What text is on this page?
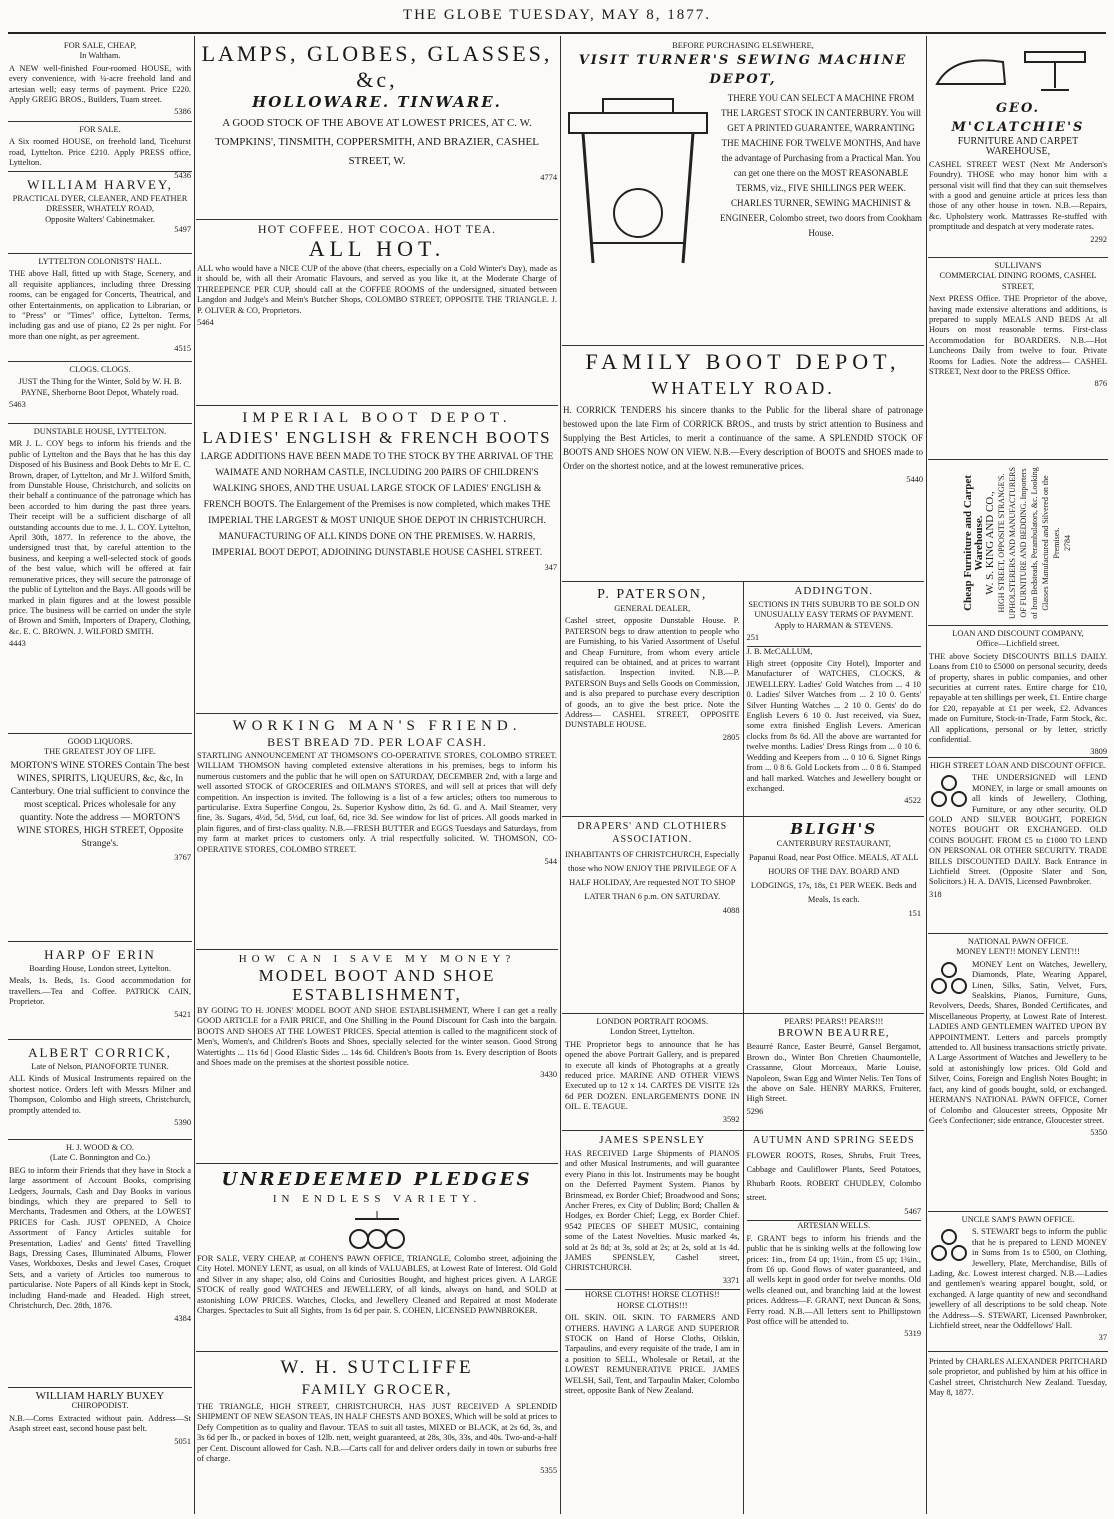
THE GLOBE TUESDAY, MAY 8, 1877.
FOR SALE, CHEAP,
In Waltham.

A NEW well-finished Four-roomed HOUSE, with every convenience, with ¼-acre freehold land and artesian well; easy terms of payment. Price £220. Apply GREIG BROS., Builders, Tuam street.

5386
FOR SALE.

A Six roomed HOUSE, on freehold land, Ticehurst road, Lyttelton. Price £210. Apply PRESS office, Lyttelton.

5436
WILLIAM HARVEY,
PRACTICAL DYER, CLEANER, AND FEATHER DRESSER, WHATELY ROAD,
Opposite Walters' Cabinetmaker.
5497
LYTTELTON COLONISTS' HALL.

THE above Hall, fitted up with Stage, Scenery, and all requisite appliances, including three Dressing rooms, can be engaged for Concerts, Theatrical, and other Entertainments, on application to Librarian, or to "Press" or "Times" office, Lyttelton. Terms, including gas and use of piano, £2 2s per night. For more than one night, as per agreement.

4515
CLOGS. CLOGS.

JUST the Thing for the Winter, Sold by W. H. B. PAYNE, Sherborne Boot Depot, Whately road.

5463
DUNSTABLE HOUSE, LYTTELTON.

MR J. L. COY begs to inform his friends and the public of Lyttelton and the Bays that he has this day Disposed of his Business and Book Debts to Mr E. C. Brown, draper, of Lyttelton, and Mr J. Wilford Smith, from Dunstable House, Christchurch, and solicits on their behalf a continuance of the patronage which has been accorded to him during the past three years. Their receipt will be a sufficient discharge of all outstanding accounts due to me. J. L. COY. Lyttelton, April 30th, 1877. In reference to the above, the undersigned trust that, by careful attention to the business, and keeping a well-selected stock of goods of the best value, which will be offered at fair remunerative prices, they will secure the patronage of the public of Lyttelton and the Bays. All goods will be marked in plain figures and at the lowest possible price. The business will be carried on under the style of Brown and Smith, Importers of Drapery, Clothing, &c. E. C. BROWN. J. WILFORD SMITH.

4443
GOOD LIQUORS.
THE GREATEST JOY OF LIFE.

MORTON'S WINE STORES Contain The best WINES, SPIRITS, LIQUEURS, &c, &c, In Canterbury. One trial sufficient to convince the most sceptical. Prices wholesale for any quantity. Note the address — MORTON'S WINE STORES, HIGH STREET, Opposite Strange's.

3767
HARP OF ERIN
Boarding House, London street, Lyttelton.

Meals, 1s. Beds, 1s. Good accommodation for travellers.—Tea and Coffee. PATRICK CAIN, Proprietor.

5421
ALBERT CORRICK,
Late of Nelson, PIANOFORTE TUNER.

ALL Kinds of Musical Instruments repaired on the shortest notice. Orders left with Messrs Milner and Thompson, Colombo and High streets, Christchurch, promptly attended to.

5390
H. J. WOOD & CO.
(Late C. Bonnington and Co.)

BEG to inform their Friends that they have in Stock a large assortment of Account Books, comprising Ledgers, Journals, Cash and Day Books in various bindings, which they are prepared to Sell to Merchants, Tradesmen and Others, at the LOWEST PRICES for Cash. JUST OPENED, A Choice Assortment of Fancy Articles suitable for Presentation, Ladies' and Gents' fitted Travelling Bags, Dressing Cases, Illuminated Albums, Flower Vases, Workboxes, Desks and Jewel Cases, Croquet Sets, and a variety of Articles too numerous to particularise. Note Papers of all Kinds kept in Stock, including Hand-made and Headed. High street, Christchurch, Dec. 28th, 1876.

4384
WILLIAM HARLY BUXEY
CHIROPODIST.

N.B.—Corns Extracted without pain. Address—St Asaph street east, second house past belt.

5051
LAMPS, GLOBES, GLASSES, &c,
HOLLOWARE. TINWARE.

A GOOD STOCK OF THE ABOVE AT LOWEST PRICES, AT C. W. TOMPKINS', TINSMITH, COPPERSMITH, AND BRAZIER, CASHEL STREET, W.

4774
HOT COFFEE. HOT COCOA. HOT TEA.
ALL HOT.

ALL who would have a NICE CUP of the above (that cheers, especially on a Cold Winter's Day), made as it should be, with all their Aromatic Flavours, and served as you like it, at the Moderate Charge of THREEPENCE PER CUP, should call at the COFFEE ROOMS of the undersigned, situated between Langdon and Judge's and Mein's Butcher Shops, COLOMBO STREET, OPPOSITE THE TRIANGLE. J. P. OLIVER & CO, Proprietors.

5464
IMPERIAL BOOT DEPOT.
LADIES' ENGLISH & FRENCH BOOTS

LARGE ADDITIONS HAVE BEEN MADE TO THE STOCK BY THE ARRIVAL OF THE WAIMATE AND NORHAM CASTLE, INCLUDING 200 PAIRS OF CHILDREN'S WALKING SHOES, AND THE USUAL LARGE STOCK OF LADIES' ENGLISH & FRENCH BOOTS. The Enlargement of the Premises is now completed, which makes THE IMPERIAL THE LARGEST & MOST UNIQUE SHOE DEPOT IN CHRISTCHURCH. MANUFACTURING OF ALL KINDS DONE ON THE PREMISES. W. HARRIS, IMPERIAL BOOT DEPOT, ADJOINING DUNSTABLE HOUSE CASHEL STREET.

347
WORKING MAN'S FRIEND.
BEST BREAD 7D. PER LOAF CASH.

STARTLING ANNOUNCEMENT AT THOMSON'S CO-OPERATIVE STORES, COLOMBO STREET. WILLIAM THOMSON having completed extensive alterations in his premises, begs to inform his numerous customers and the public that he will open on SATURDAY, DECEMBER 2nd, with a large and well assorted STOCK of GROCERIES and OILMAN'S STORES, and will sell at prices that will defy competition. An inspection is invited. The following is a list of a few articles; others too numerous to particularise. Extra Superfine Congou, 2s. Superior Kyshow ditto, 2s 6d. G. and A. Mail Steamer, very fine, 3s. Sugars, 4½d, 5d, 5½d, cut loaf, 6d, rice 3d. See window for list of prices. All goods marked in plain figures, and of first-class quality. N.B.—FRESH BUTTER and EGGS Tuesdays and Saturdays, from my farm at market prices to customers only. A trial respectfully solicited. W. THOMSON, CO-OPERATIVE STORES, COLOMBO STREET.

544
HOW CAN I SAVE MY MONEY?
MODEL BOOT AND SHOE ESTABLISHMENT,

BY GOING TO H. JONES' MODEL BOOT AND SHOE ESTABLISHMENT, Where I can get a really GOOD ARTICLE for a FAIR PRICE, and One Shilling in the Pound Discount for Cash into the bargain. BOOTS AND SHOES AT THE LOWEST PRICES. Special attention is called to the magnificent stock of Men's, Women's, and Children's Boots and Shoes, specially selected for the winter season. Good Strong Watertights ... 11s 6d | Good Elastic Sides ... 14s 6d. Children's Boots from 1s. Every description of Boots and Shoes made on the premises at the shortest possible notice.

3430
UNREDEEMED PLEDGES
IN ENDLESS VARIETY.

FOR SALE, VERY CHEAP, at COHEN'S PAWN OFFICE, TRIANGLE, Colombo street, adjoining the City Hotel. MONEY LENT, as usual, on all kinds of VALUABLES, at Lowest Rate of Interest. Old Gold and Silver in any shape; also, old Coins and Curiosities Bought, and highest prices given. A LARGE STOCK of really good WATCHES and JEWELLERY, of all kinds, always on hand, and SOLD at astonishing LOW PRICES. Watches, Clocks, and Jewellery Cleaned and Repaired at most Moderate Charges. Spectacles to Suit all Sights, from 1s 6d per pair. S. COHEN, LICENSED PAWNBROKER.

W. H. SUTCLIFFE
FAMILY GROCER,

THE TRIANGLE, HIGH STREET, CHRISTCHURCH, HAS JUST RECEIVED A SPLENDID SHIPMENT OF NEW SEASON TEAS, IN HALF CHESTS AND BOXES, Which will be sold at prices to Defy Competition as to quality and flavour. TEAS to suit all tastes, MIXED or BLACK, at 2s 6d, 3s, and 3s 6d per lb., or packed in boxes of 12lb. nett, weight guaranteed, at 28s, 30s, 33s, and 40s. Two-and-a-half per Cent. Discount allowed for Cash. N.B.—Carts call for and deliver orders daily in town or suburbs free of charge.

5355
BEFORE PURCHASING ELSEWHERE,
VISIT TURNER'S SEWING MACHINE DEPOT,

THERE YOU CAN SELECT A MACHINE FROM THE LARGEST STOCK IN CANTERBURY. You will GET A PRINTED GUARANTEE, WARRANTING THE MACHINE FOR TWELVE MONTHS, And have the advantage of Purchasing from a Practical Man. You can get one there on the MOST REASONABLE TERMS, viz., FIVE SHILLINGS PER WEEK. CHARLES TURNER, SEWING MACHINIST & ENGINEER, Colombo street, two doors from Cookham House.

FAMILY BOOT DEPOT,
WHATELY ROAD.

H. CORRICK TENDERS his sincere thanks to the Public for the liberal share of patronage bestowed upon the late Firm of CORRICK BROS., and trusts by strict attention to Business and Supplying the Best Articles, to merit a continuance of the same. A SPLENDID STOCK OF BOOTS AND SHOES NOW ON VIEW. N.B.—Every description of BOOTS and SHOES made to Order on the shortest notice, and at the lowest remunerative prices.

5440
P. PATERSON,
GENERAL DEALER,

Cashel street, opposite Dunstable House. P. PATERSON begs to draw attention to people who are Furnishing, to his Varied Assortment of Useful and Cheap Furniture, from whom every article required can be obtained, and at prices to warrant satisfaction. Inspection invited. N.B.—P. PATERSON Buys and Sells Goods on Commission, and is also prepared to purchase every description of goods, an to give the best price. Note the Address— CASHEL STREET, OPPOSITE DUNSTABLE HOUSE.

2805
ADDINGTON.

SECTIONS IN THIS SUBURB TO BE SOLD ON UNUSUALLY EASY TERMS OF PAYMENT. Apply to HARMAN & STEVENS.

251
J. B. McCALLUM,

High street (opposite City Hotel), Importer and Manufacturer of WATCHES, CLOCKS, & JEWELLERY. Ladies' Gold Watches from ... 4 10 0. Ladies' Silver Watches from ... 2 10 0. Gents' Silver Hunting Watches ... 2 10 0. Gents' do do English Levers 6 10 0. Just received, via Suez, some extra finished English Levers. American clocks from 8s 6d. All the above are warranted for twelve months. Ladies' Dress Rings from ... 0 10 6. Wedding and Keepers from ... 0 10 6. Signet Rings from ... 0 8 6. Gold Lockets from ... 0 8 6. Stamped and hall marked. Watches and Jewellery bought or exchanged.

4522
DRAPERS' AND CLOTHIERS ASSOCIATION.

INHABITANTS OF CHRISTCHURCH, Especially those who NOW ENJOY THE PRIVILEGE OF A HALF HOLIDAY, Are requested NOT TO SHOP LATER THAN 6 p.m. ON SATURDAY.

4088
BLIGH'S
CANTERBURY RESTAURANT,

Papanui Road, near Post Office. MEALS, AT ALL HOURS OF THE DAY. BOARD AND LODGINGS, 17s, 18s, £1 PER WEEK. Beds and Meals, 1s each.

151
LONDON PORTRAIT ROOMS.
London Street, Lyttelton.

THE Proprietor begs to announce that he has opened the above Portrait Gallery, and is prepared to execute all kinds of Photographs at a greatly reduced price. MARINE AND OTHER VIEWS Executed up to 12 x 14. CARTES DE VISITE 12s 6d PER DOZEN. ENLARGEMENTS DONE IN OIL. E. TEAGUE.

3592
PEARS! PEARS!! PEARS!!!
BROWN BEAURRE,

Beaurré Rance, Easter Beurré, Gansel Bergamot, Brown do., Winter Bon Chretien Chaumontelle, Crassanne, Glout Morceaux, Marie Louise, Napoleon, Swan Egg and Winter Nelis. Ten Tons of the above on Sale. HENRY MARKS, Fruiterer, High Street.

5296
JAMES SPENSLEY

HAS RECEIVED Large Shipments of PIANOS and other Musical Instruments, and will guarantee every Piano in this lot. Instruments may be bought on the Deferred Payment System. Pianos by Brinsmead, ex Border Chief; Broadwood and Sons; Ancher Freres, ex City of Dublin; Bord; Challen & Hodges, ex Border Chief; Legg, ex Border Chief. 9542 PIECES OF SHEET MUSIC, containing some of the Latest Novelties. Music marked 4s, sold at 2s 8d; at 3s, sold at 2s; at 2s, sold at 1s 4d. JAMES SPENSLEY, Cashel street, CHRISTCHURCH.

3371
HORSE CLOTHS! HORSE CLOTHS!!
HORSE CLOTHS!!!

OIL SKIN. OIL SKIN. TO FARMERS AND OTHERS. HAVING A LARGE AND SUPERIOR STOCK on Hand of Horse Cloths, Oilskin, Tarpaulins, and every requisite of the trade, I am in a position to SELL, Wholesale or Retail, at the LOWEST REMUNERATIVE PRICE. JAMES WELSH, Sail, Tent, and Tarpaulin Maker, Colombo street, opposite Bank of New Zealand.

AUTUMN AND SPRING SEEDS

FLOWER ROOTS, Roses, Shrubs, Fruit Trees, Cabbage and Cauliflower Plants, Seed Potatoes, Rhubarb Roots. ROBERT CHUDLEY, Colombo street.

5467
ARTESIAN WELLS.

F. GRANT begs to inform his friends and the public that he is sinking wells at the following low prices: 1in., from £4 up; 1½in., from £5 up; 1¾in., from £6 up. Good flows of water guaranteed, and all wells kept in good order for twelve months. Old wells cleaned out, and branching laid at the lowest prices. Address—F. GRANT, next Duncan & Sons, Ferry road. N.B.—All letters sent to Phillipstown Post office will be attended to.

5319
GEO. M'CLATCHIE'S
FURNITURE AND CARPET WAREHOUSE,

CASHEL STREET WEST (Next Mr Anderson's Foundry). THOSE who may honor him with a personal visit will find that they can suit themselves with a good and genuine article at prices less than those of any other house in town. N.B.—Repairs, &c. Upholstery work. Mattrasses Re-stuffed with promptitude and despatch at very moderate rates.

2292
SULLIVAN'S
COMMERCIAL DINING ROOMS, CASHEL STREET,

Next PRESS Office. THE Proprietor of the above, having made extensive alterations and additions, is prepared to supply MEALS AND BEDS At all Hours on most reasonable terms. First-class Accommodation for BOARDERS. N.B.—Hot Luncheons Daily from twelve to four. Private Rooms for Ladies. Note the address— CASHEL STREET, Next door to the PRESS Office.

876
Cheap Furniture and Carpet Warehouse. W. S. KING AND CO., HIGH STREET, OPPOSITE STRANGE'S. UPHOLSTERERS AND MANUFACTURERS OF FURNITURE AND BEDDING. Importers of Iron Bedsteads, Perambulators, &c. Looking Glasses Manufactured and Silvered on the Premises. 2784
LOAN AND DISCOUNT COMPANY,
Office—Lichfield street.

THE above Society DISCOUNTS BILLS DAILY. Loans from £10 to £5000 on personal security, deeds of property, shares in public companies, and other securities at current rates. Entire charge for £10, repayable at ten shillings per week, £1. Entire charge for £20, repayable at £1 per week, £2. Advances made on Furniture, Stock-in-Trade, Farm Stock, &c. All applications, personal or by letter, strictly confidential.

3809
HIGH STREET LOAN AND DISCOUNT OFFICE.

THE UNDERSIGNED will LEND MONEY, in large or small amounts on all kinds of Jewellery, Clothing, Furniture, or any other security. OLD GOLD AND SILVER BOUGHT, FOREIGN NOTES BOUGHT OR EXCHANGED. OLD COINS BOUGHT. FROM £5 to £1000 TO LEND ON PERSONAL OR OTHER SECURITY. TRADE BILLS DISCOUNTED DAILY. Back Entrance in Lichfield Street. (Opposite Slater and Son, Solicitors.) H. A. DAVIS, Licensed Pawnbroker.

318
NATIONAL PAWN OFFICE.
MONEY LENT!! MONEY LENT!!!

MONEY Lent on Watches, Jewellery, Diamonds, Plate, Wearing Apparel, Linen, Silks, Satin, Velvet, Furs, Sealskins, Pianos, Furniture, Guns, Revolvers, Deeds, Shares, Bonded Certificates, and Miscellaneous Property, at Lowest Rate of Interest. LADIES AND GENTLEMEN WAITED UPON BY APPOINTMENT. Letters and parcels promptly attended to. All business transactions strictly private. A Large Assortment of Watches and Jewellery to be sold at astonishingly low prices. Old Gold and Silver, Coins, Foreign and English Notes Bought; in fact, any kind of goods bought, sold, or exchanged. HERMAN'S NATIONAL PAWN OFFICE, Corner of Colombo and Gloucester streets, Opposite Mr Gee's Confectioner; side entrance, Gloucester street.

5350
UNCLE SAM'S PAWN OFFICE.

S. STEWART begs to inform the public that he is prepared to LEND MONEY in Sums from 1s to £500, on Clothing, Jewellery, Plate, Merchandise, Bills of Lading, &c. Lowest interest charged. N.B.—Ladies and gentlemen's wearing apparel bought, sold, or exchanged. A large quantity of new and secondhand jewellery of all descriptions to be sold cheap. Note the Address—S. STEWART, Licensed Pawnbroker, Lichfield street, near the Oddfellows' Hall.

37

Printed by CHARLES ALEXANDER PRITCHARD sole proprietor, and published by him at his office in Cashel street, Christchurch New Zealand. Tuesday, May 8, 1877.
